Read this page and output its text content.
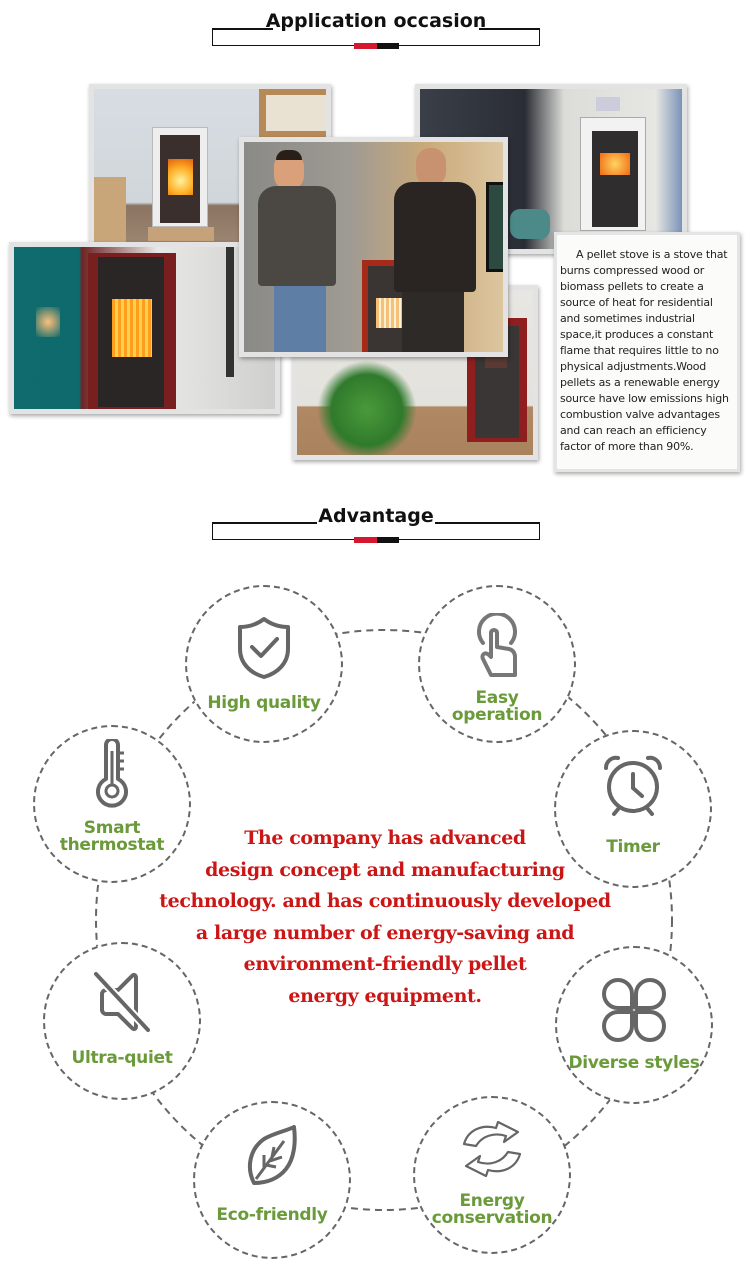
Application occasion
A pellet stove is a stove that burns compressed wood or biomass pellets to create a source of heat for residential and sometimes industrial space,it produces a constant flame that requires little to no physical adjustments.Wood pellets as a renewable energy source have low emissions high combustion valve advantages and can reach an efficiency factor of more than 90%.
Advantage
High quality	Easy
operation
Smart
thermostat	Timer
Ultra-quiet	Diverse styles
Eco-friendly
Energy
conservation
The company has advanced
design concept and manufacturing
technology. and has continuously developed
a large number of energy-saving and
environment-friendly pellet
energy equipment.
